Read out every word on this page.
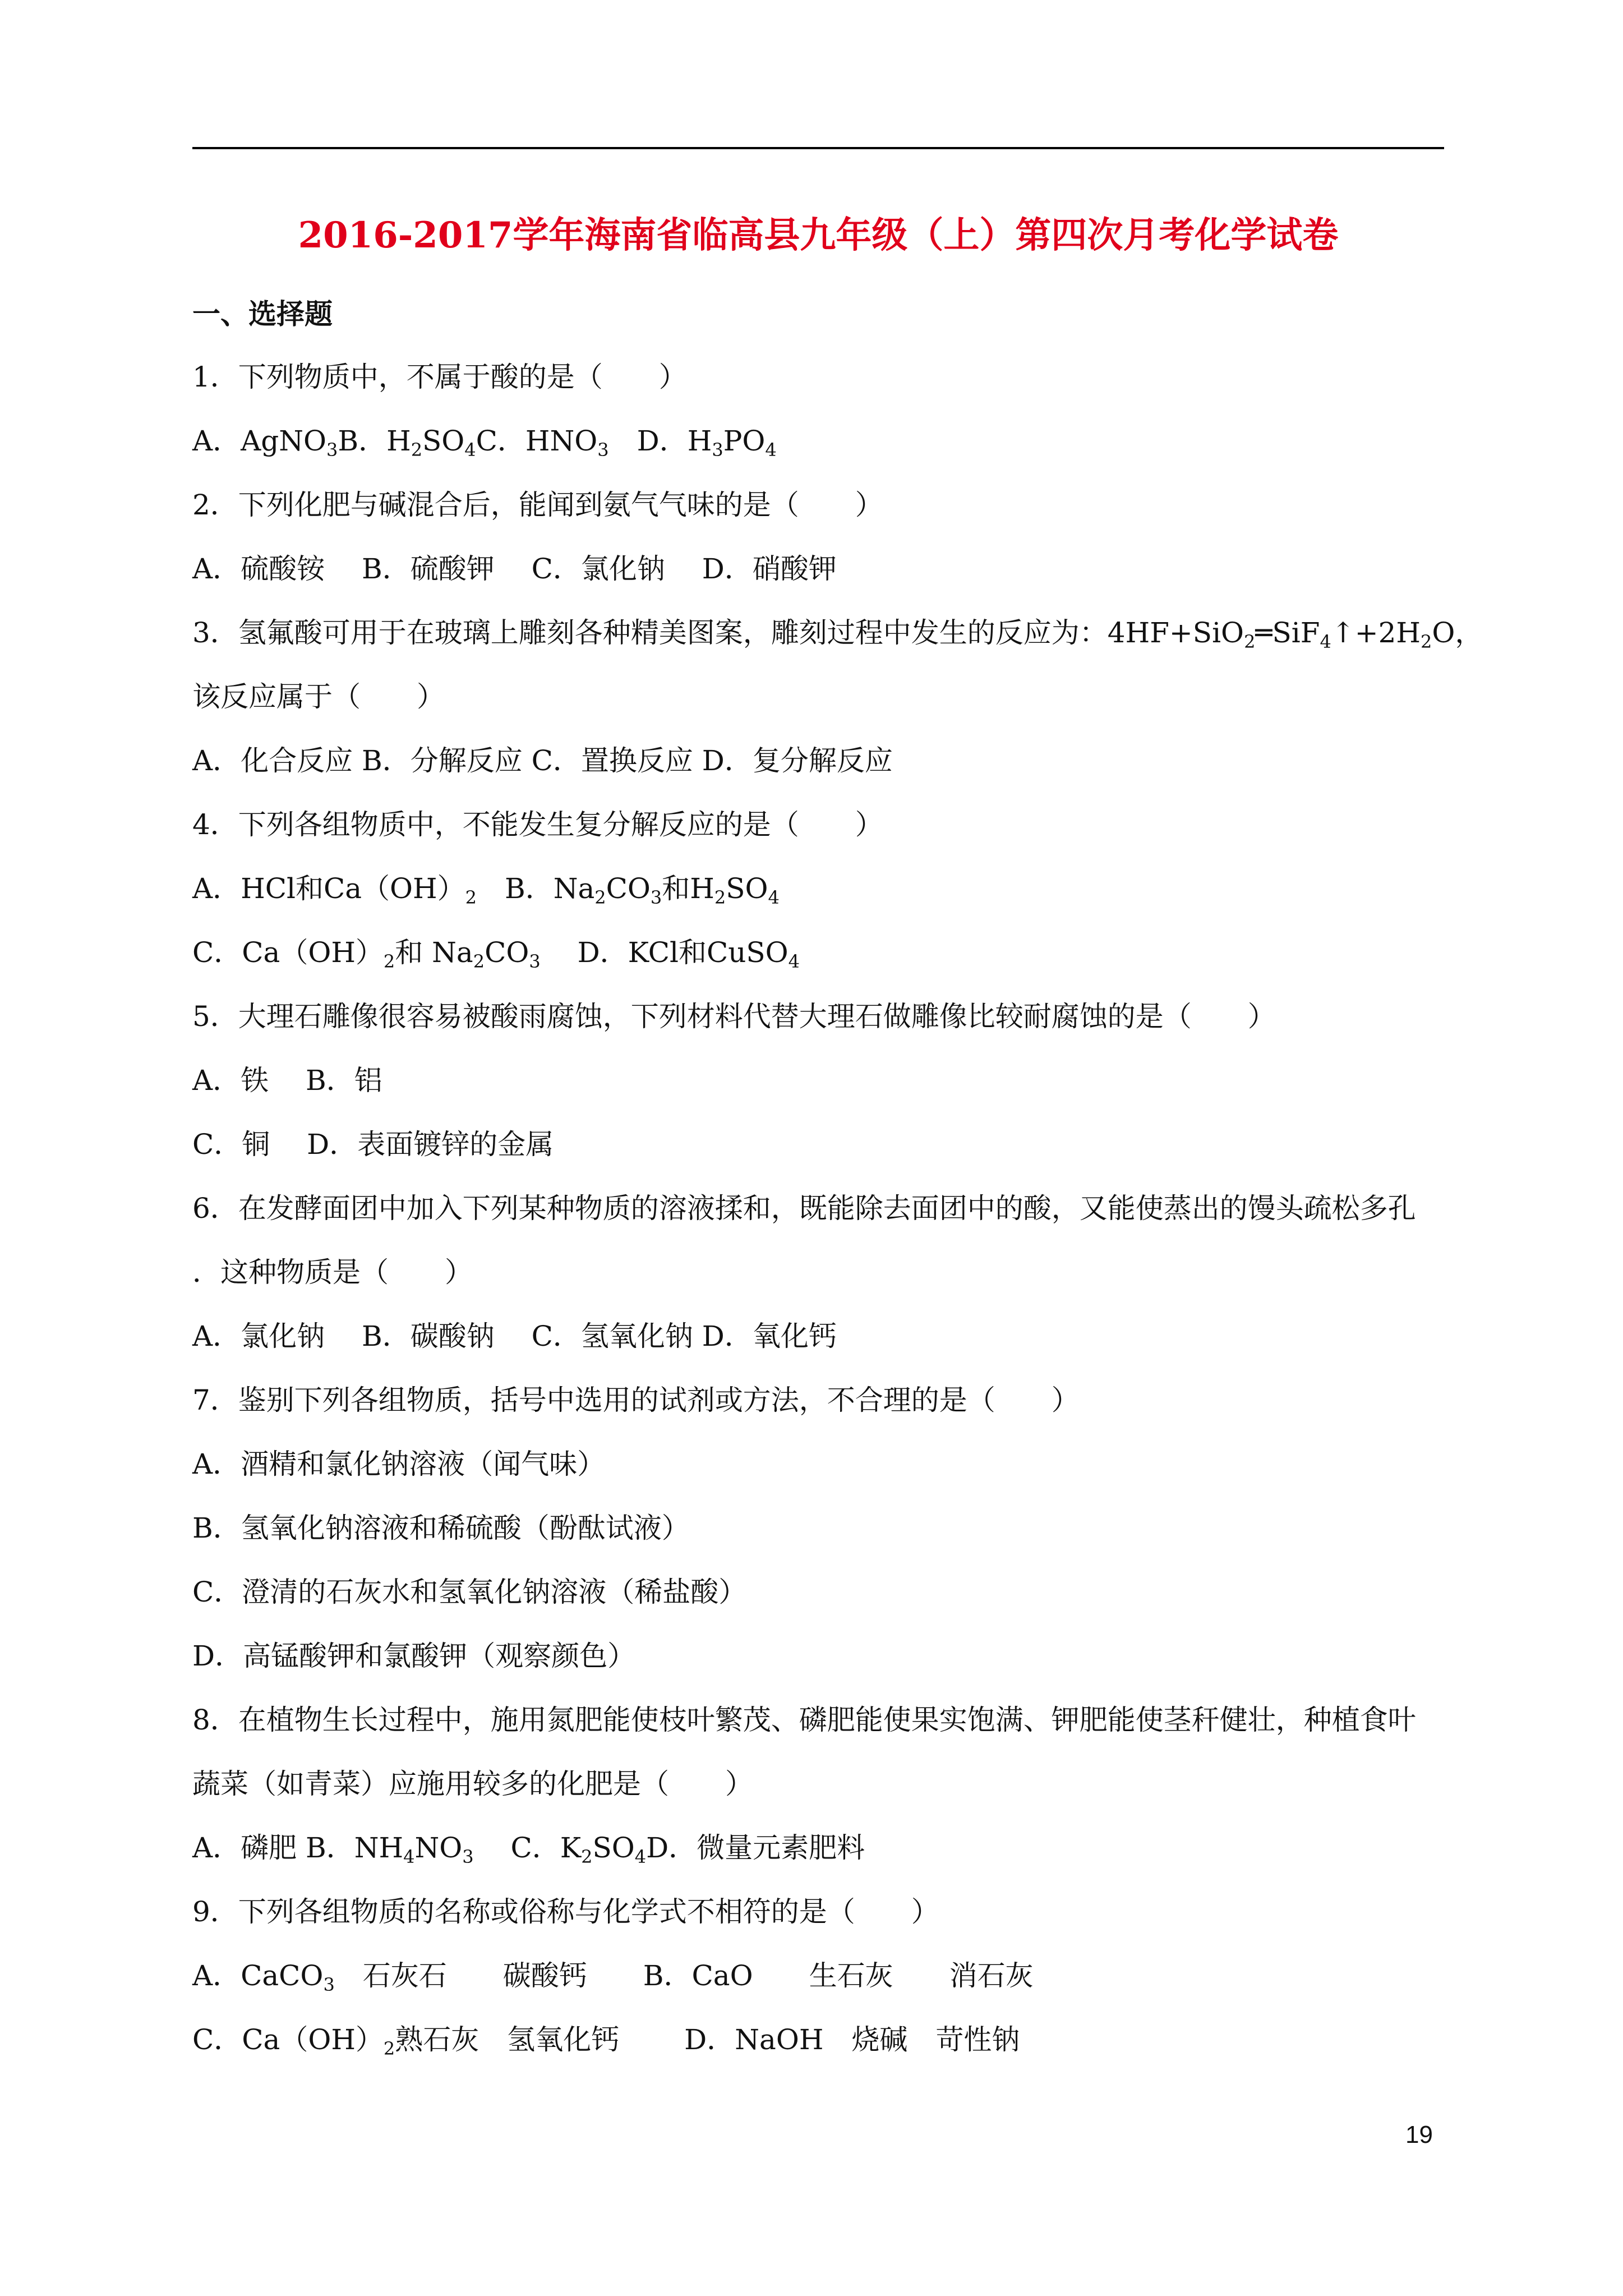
2016-2017学年海南省临高县九年级（上）第四次月考化学试卷
一、选择题
1．下列物质中，不属于酸的是（　　）
A．AgNO$_3$B．$H_2SO_4C$．$HNO_3$　D．$H_3PO_4$
2．下列化肥与碱混合后，能闻到氨气气味的是（　　）
A．硫酸铵　 B．硫酸钾　 C．氯化钠　 D．硝酸钾
3．氢氟酸可用于在玻璃上雕刻各种精美图案，雕刻过程中发生的反应为：$4HF+SiO_2═SiF_4↑+2H_2O$，
该反应属于（　　）
A．化合反应 B．分解反应 C．置换反应 D．复分解反应
4．下列各组物质中，不能发生复分解反应的是（　　）
A．HCl和$Ca(OH)_2$　B．$Na_2CO_3$和$H_2SO_4$
C．$Ca(OH)_2$和 $Na_2CO_3$　 D．KCl和CuSO$_4$
5．大理石雕像很容易被酸雨腐蚀，下列材料代替大理石做雕像比较耐腐蚀的是（　　）
A．铁　 B．铝
C．铜　 D．表面镀锌的金属
6．在发酵面团中加入下列某种物质的溶液揉和，既能除去面团中的酸，又能使蒸出的馒头疏松多孔
．这种物质是（　　）
A．氯化钠　 B．碳酸钠　 C．氢氧化钠 D．氧化钙
7．鉴别下列各组物质，括号中选用的试剂或方法，不合理的是（　　）
A．酒精和氯化钠溶液（闻气味）
B．氢氧化钠溶液和稀硫酸（酚酞试液）
C．澄清的石灰水和氢氧化钠溶液（稀盐酸）
D．高锰酸钾和氯酸钾（观察颜色）
8．在植物生长过程中，施用氮肥能使枝叶繁茂、磷肥能使果实饱满、钾肥能使茎秆健壮，种植食叶
蔬菜（如青菜）应施用较多的化肥是（　　）
A．磷肥 B．$NH_4NO_3$　 C．$K_2SO_4D$．微量元素肥料
9．下列各组物质的名称或俗称与化学式不相符的是（　　）
A．CaCO$_3$　石灰石　　碳酸钙　　B．CaO　　生石灰　　消石灰
C．$Ca(OH)_2$熟石灰　氢氧化钙　　 D．NaOH　烧碱　苛性钠
19
